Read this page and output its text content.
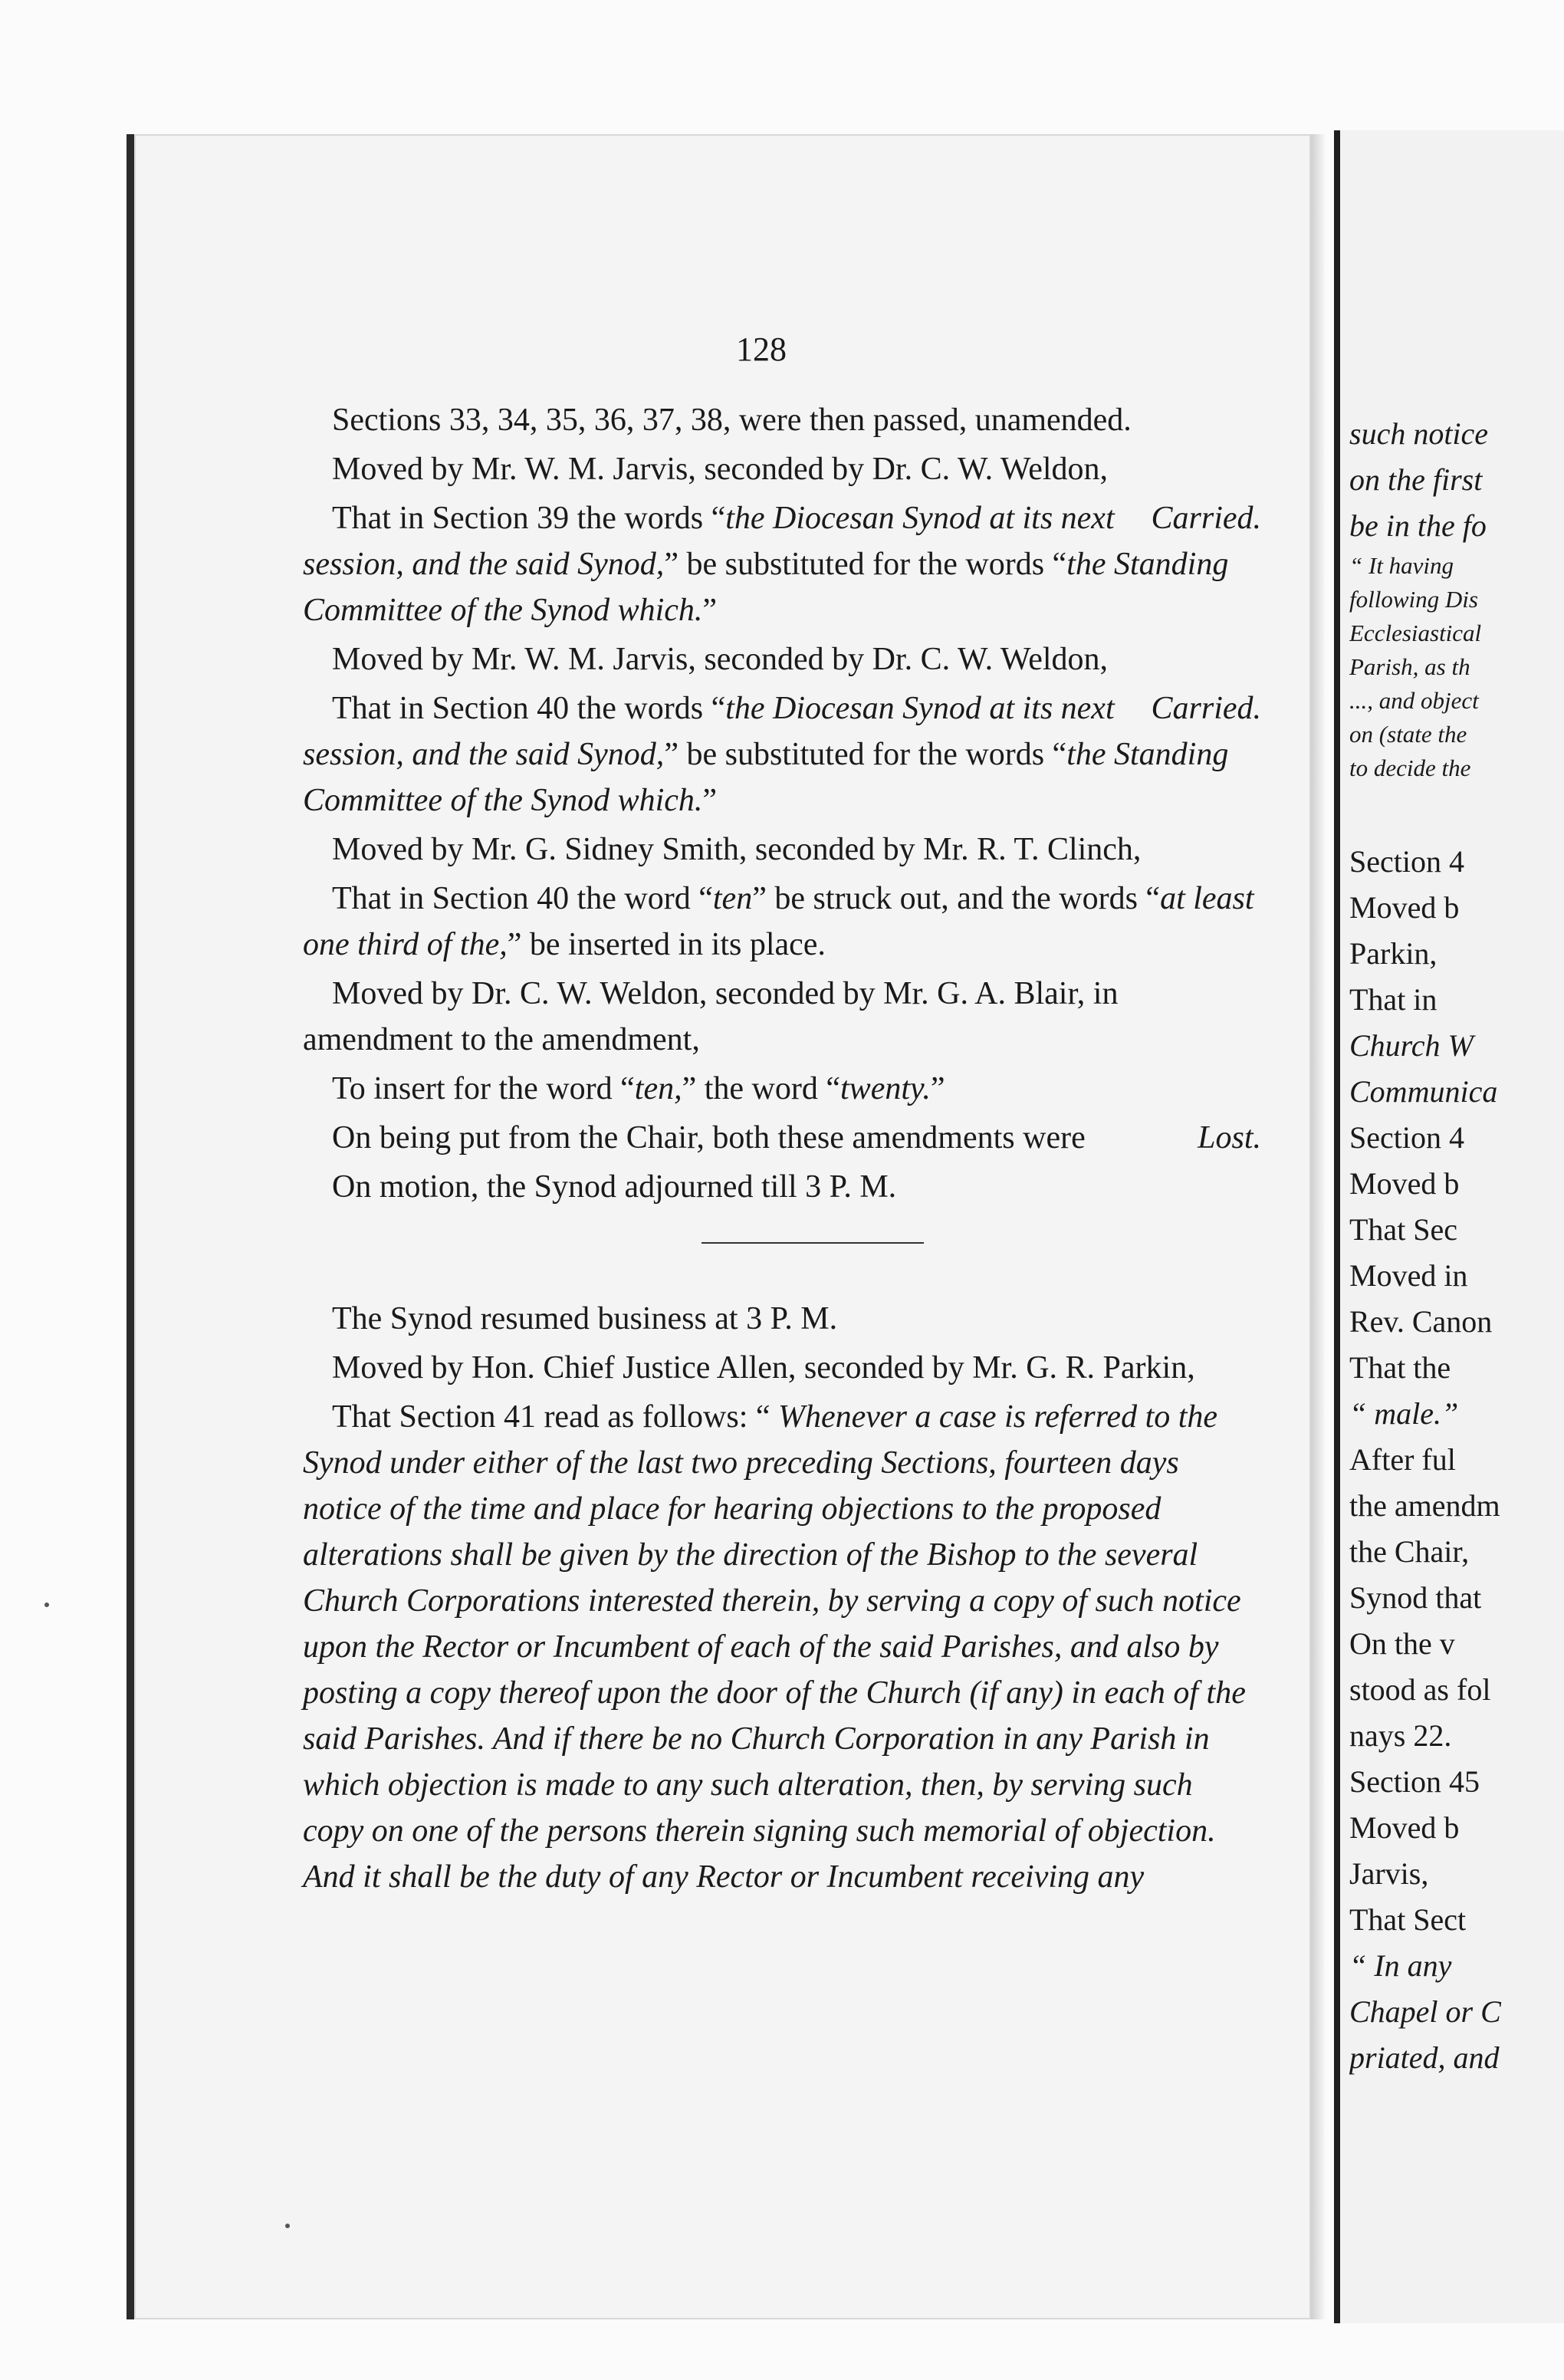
128

Sections 33, 34, 35, 36, 37, 38, were then passed, unamended.

Moved by Mr. W. M. Jarvis, seconded by Dr. C. W. Weldon,

Carried.
That in Section 39 the words “the Diocesan Synod at its next session, and the said Synod,” be substituted for the words “the Standing Committee of the Synod which.”

Moved by Mr. W. M. Jarvis, seconded by Dr. C. W. Weldon,

Carried.
That in Section 40 the words “the Diocesan Synod at its next session, and the said Synod,” be substituted for the words “the Standing Committee of the Synod which.”

Moved by Mr. G. Sidney Smith, seconded by Mr. R. T. Clinch,

That in Section 40 the word “ten” be struck out, and the words “at least one third of the,” be inserted in its place.

Moved by Dr. C. W. Weldon, seconded by Mr. G. A. Blair, in amendment to the amendment,

To insert for the word “ten,” the word “twenty.”

Lost.
On being put from the Chair, both these amendments were

On motion, the Synod adjourned till 3 P. M.

The Synod resumed business at 3 P. M.

Moved by Hon. Chief Justice Allen, seconded by Mr. G. R. Parkin,

That Section 41 read as follows: “ Whenever a case is referred to the Synod under either of the last two preceding Sections, fourteen days notice of the time and place for hearing objections to the proposed alterations shall be given by the direction of the Bishop to the several Church Corporations interested therein, by serving a copy of such notice upon the Rector or Incumbent of each of the said Parishes, and also by posting a copy thereof upon the door of the Church (if any) in each of the said Parishes. And if there be no Church Corporation in any Parish in which objection is made to any such alteration, then, by serving such copy on one of the persons therein signing such memorial of objection. And it shall be the duty of any Rector or Incumbent receiving any

such notice

on the first

be in the fo

“ It having

following Dis

Ecclesiastical

Parish, as th

..., and object

on (state the

to decide the

Section 4

Moved b

Parkin,

That in

Church W

Communica

Section 4

Moved b

That Sec

Moved in

Rev. Canon

That the

“ male.”

After ful

the amendm

the Chair,

Synod that

On the v

stood as fol

nays 22.

Section 45

Moved b

Jarvis,

That Sect

“ In any

Chapel or C

priated, and
